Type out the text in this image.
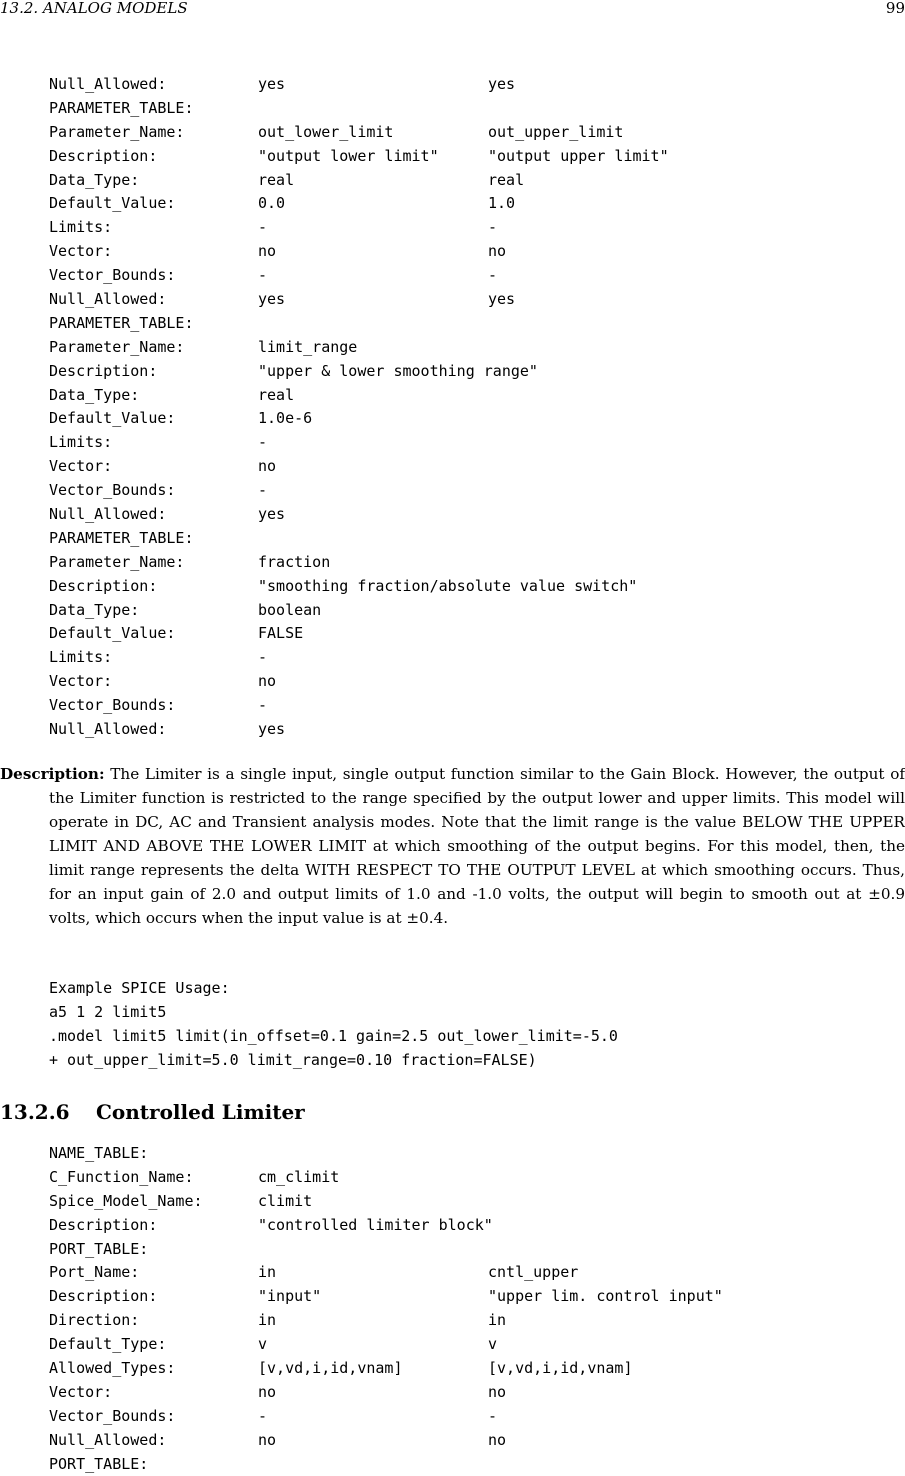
13.2. ANALOG MODELS	99
Null_Allowed:	yes	yes
PARAMETER_TABLE:
Parameter_Name:	out_lower_limit	out_upper_limit
Description:	"output lower limit"	"output upper limit"
Data_Type:	real	real
Default_Value:	0.0	1.0
Limits:	-	-
Vector:	no	no
Vector_Bounds:	-	-
Null_Allowed:	yes	yes
PARAMETER_TABLE:
Parameter_Name:	limit_range
Description:	"upper & lower smoothing range"
Data_Type:	real
Default_Value:	1.0e-6
Limits:	-
Vector:	no
Vector_Bounds:	-
Null_Allowed:	yes
PARAMETER_TABLE:
Parameter_Name:	fraction
Description:	"smoothing fraction/absolute value switch"
Data_Type:	boolean
Default_Value:	FALSE
Limits:	-
Vector:	no
Vector_Bounds:	-
Null_Allowed:	yes
Description: The Limiter is a single input, single output function similar to the Gain Block. However, the output of the Limiter function is restricted to the range specified by the output lower and upper limits. This model will operate in DC, AC and Transient analysis modes. Note that the limit range is the value BELOW THE UPPER LIMIT AND ABOVE THE LOWER LIMIT at which smoothing of the output begins. For this model, then, the limit range represents the delta WITH RESPECT TO THE OUTPUT LEVEL at which smoothing occurs. Thus, for an input gain of 2.0 and output limits of 1.0 and -1.0 volts, the output will begin to smooth out at ±0.9 volts, which occurs when the input value is at ±0.4.
Example SPICE Usage:
a5 1 2 limit5
.model limit5 limit(in_offset=0.1 gain=2.5 out_lower_limit=-5.0
+ out_upper_limit=5.0 limit_range=0.10 fraction=FALSE)
13.2.6 Controlled Limiter
NAME_TABLE:
C_Function_Name:	cm_climit
Spice_Model_Name:	climit
Description:	"controlled limiter block"
PORT_TABLE:
Port_Name:	in	cntl_upper
Description:	"input"	"upper lim. control input"
Direction:	in	in
Default_Type:	v	v
Allowed_Types:	[v,vd,i,id,vnam]	[v,vd,i,id,vnam]
Vector:	no	no
Vector_Bounds:	-	-
Null_Allowed:	no	no
PORT_TABLE:
